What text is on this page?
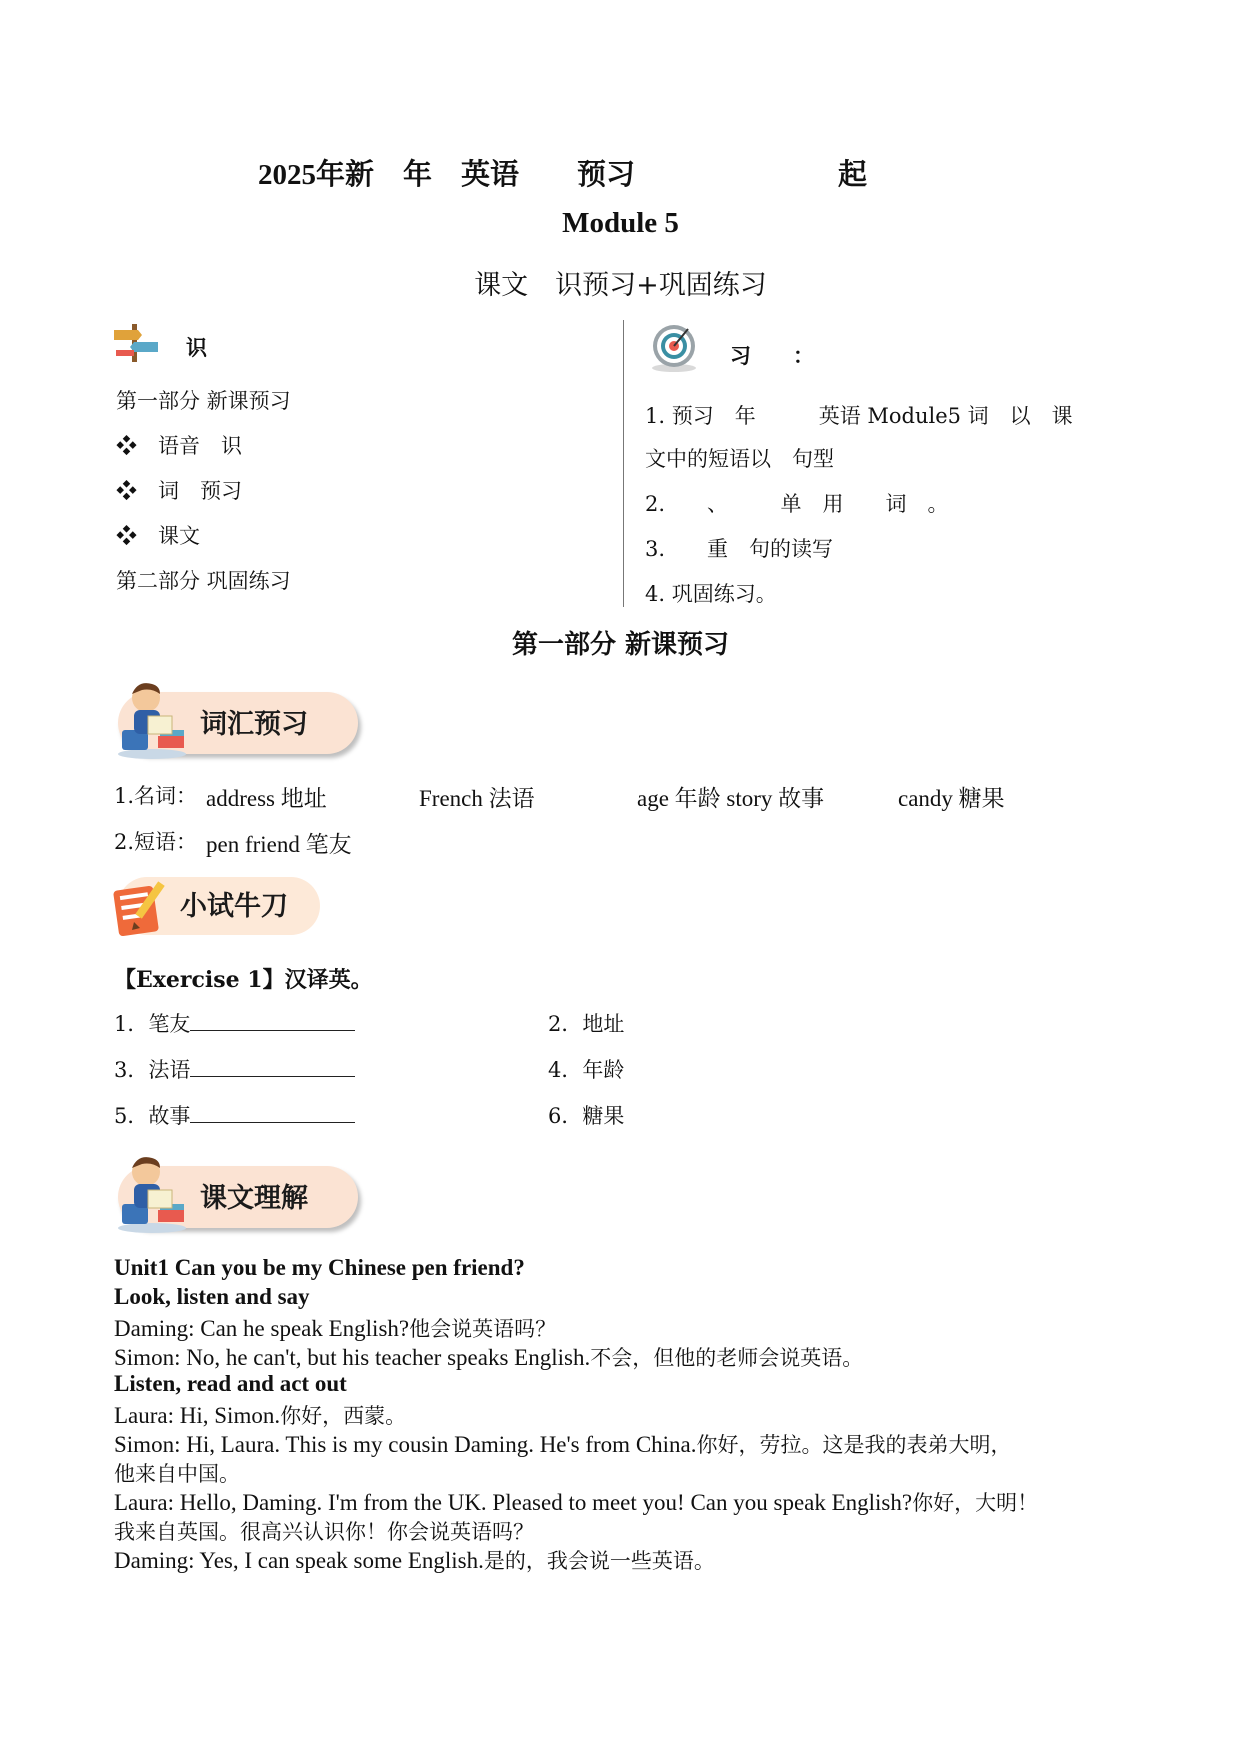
2025年新　年　英语　　预习　　　　　　　起
Module 5
课文　识预习+巩固练习
识
第一部分 新课预习
❖　 语音　识
❖　 词　预习
❖　 课文
第二部分 巩固练习
习　　：
1. 预习　年　　　英语 Module5 词　以　课
文中的短语以　句型
2.　　、　　　单　用　　词　。
3.　　重　句的读写
4. 巩固练习。
第一部分 新课预习
词汇预习
1.名词： address 地址	French 法语	age 年龄 story 故事	candy 糖果
2.短语： pen friend 笔友
小试牛刀
【Exercise 1】汉译英。
1．笔友	2．地址
3．法语	4．年龄
5．故事	6．糖果
课文理解
Unit1 Can you be my Chinese pen friend?
Look, listen and say
Daming: Can he speak English?他会说英语吗？
Simon: No, he can't, but his teacher speaks English.不会，但他的老师会说英语。
Listen, read and act out
Laura: Hi, Simon.你好，西蒙。
Simon: Hi, Laura. This is my cousin Daming. He's from China.你好，劳拉。这是我的表弟大明，
他来自中国。
Laura: Hello, Daming. I'm from the UK. Pleased to meet you! Can you speak English?你好，大明！
我来自英国。很高兴认识你！你会说英语吗？
Daming: Yes, I can speak some English.是的，我会说一些英语。
